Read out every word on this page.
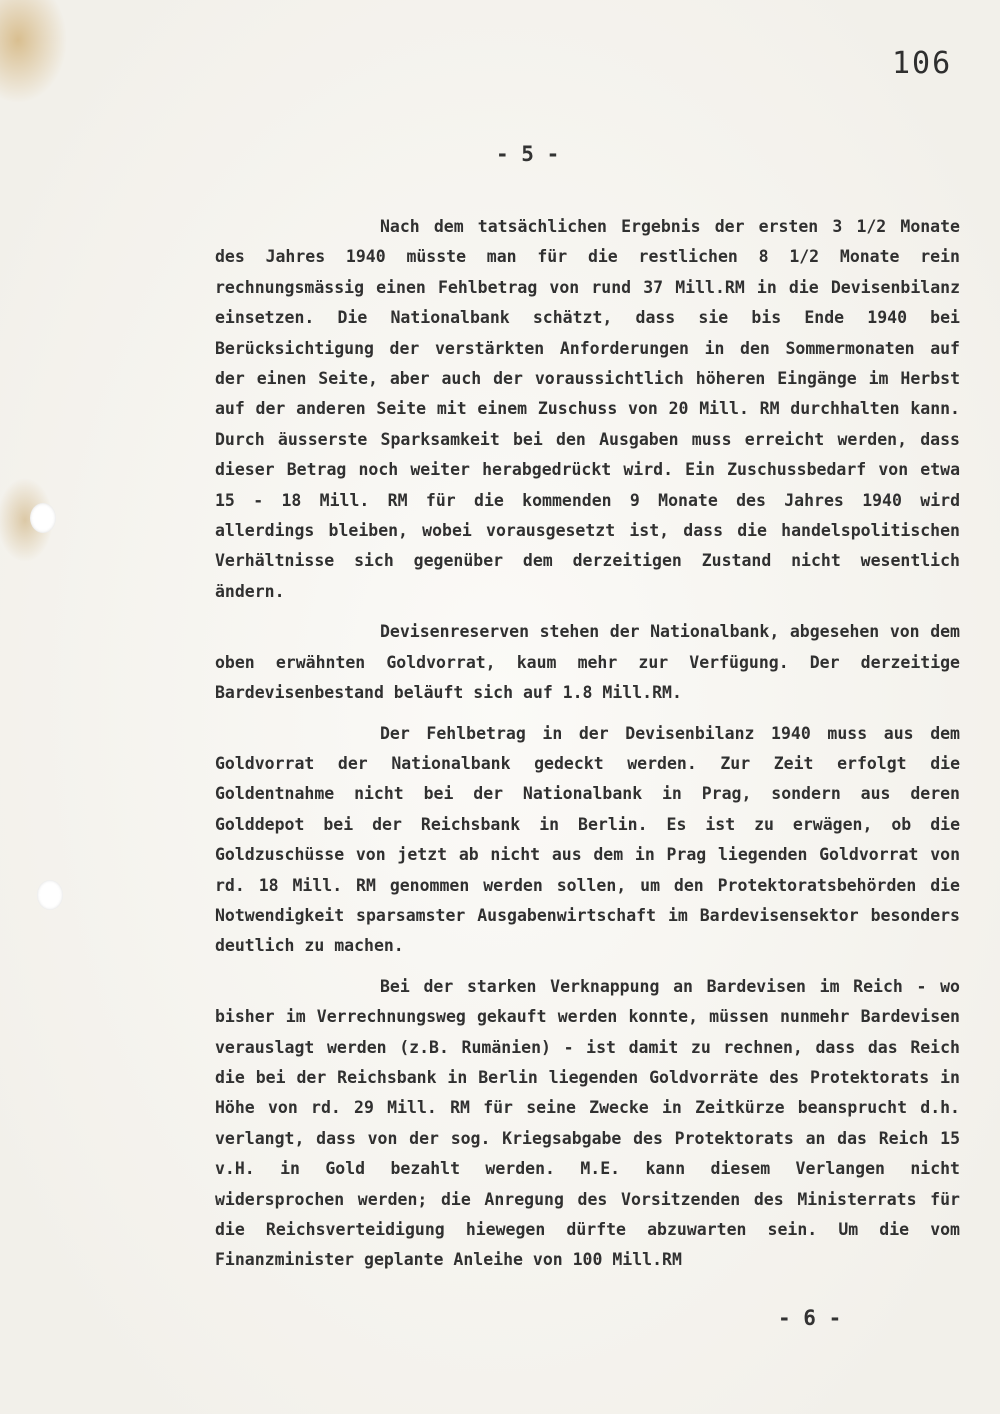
106
- 5 -

Nach dem tatsächlichen Ergebnis der ersten 3 1/2 Monate des Jahres 1940 müsste man für die restlichen 8 1/2 Monate rein rechnungsmässig einen Fehlbetrag von rund 37 Mill.RM in die Devisenbilanz einsetzen. Die Nationalbank schätzt, dass sie bis Ende 1940 bei Berücksichtigung der verstärkten Anforderungen in den Sommermonaten auf der einen Seite, aber auch der voraussichtlich höheren Eingänge im Herbst auf der anderen Seite mit einem Zuschuss von 20 Mill. RM durchhalten kann. Durch äusserste Sparksamkeit bei den Ausgaben muss erreicht werden, dass dieser Betrag noch weiter herabgedrückt wird. Ein Zuschussbedarf von etwa 15 - 18 Mill. RM für die kommenden 9 Monate des Jahres 1940 wird allerdings bleiben, wobei vorausgesetzt ist, dass die handelspolitischen Verhältnisse sich gegenüber dem derzeitigen Zustand nicht wesentlich ändern.

Devisenreserven stehen der Nationalbank, abgesehen von dem oben erwähnten Goldvorrat, kaum mehr zur Verfügung. Der derzeitige Bardevisenbestand beläuft sich auf 1.8 Mill.RM.

Der Fehlbetrag in der Devisenbilanz 1940 muss aus dem Goldvorrat der Nationalbank gedeckt werden. Zur Zeit erfolgt die Goldentnahme nicht bei der Nationalbank in Prag, sondern aus deren Golddepot bei der Reichsbank in Berlin. Es ist zu erwägen, ob die Goldzuschüsse von jetzt ab nicht aus dem in Prag liegenden Goldvorrat von rd. 18 Mill. RM genommen werden sollen, um den Protektoratsbehörden die Notwendigkeit sparsamster Ausgabenwirtschaft im Bardevisensektor besonders deutlich zu machen.

Bei der starken Verknappung an Bardevisen im Reich - wo bisher im Verrechnungsweg gekauft werden konnte, müssen nunmehr Bardevisen verauslagt werden (z.B. Rumänien) - ist damit zu rechnen, dass das Reich die bei der Reichsbank in Berlin liegenden Goldvorräte des Protektorats in Höhe von rd. 29 Mill. RM für seine Zwecke in Zeitkürze beansprucht d.h. verlangt, dass von der sog. Kriegsabgabe des Protektorats an das Reich 15 v.H. in Gold bezahlt werden. M.E. kann diesem Verlangen nicht widersprochen werden; die Anregung des Vorsitzenden des Ministerrats für die Reichsverteidigung hiewegen dürfte abzuwarten sein. Um die vom Finanzminister geplante Anleihe von 100 Mill.RM

- 6 -
